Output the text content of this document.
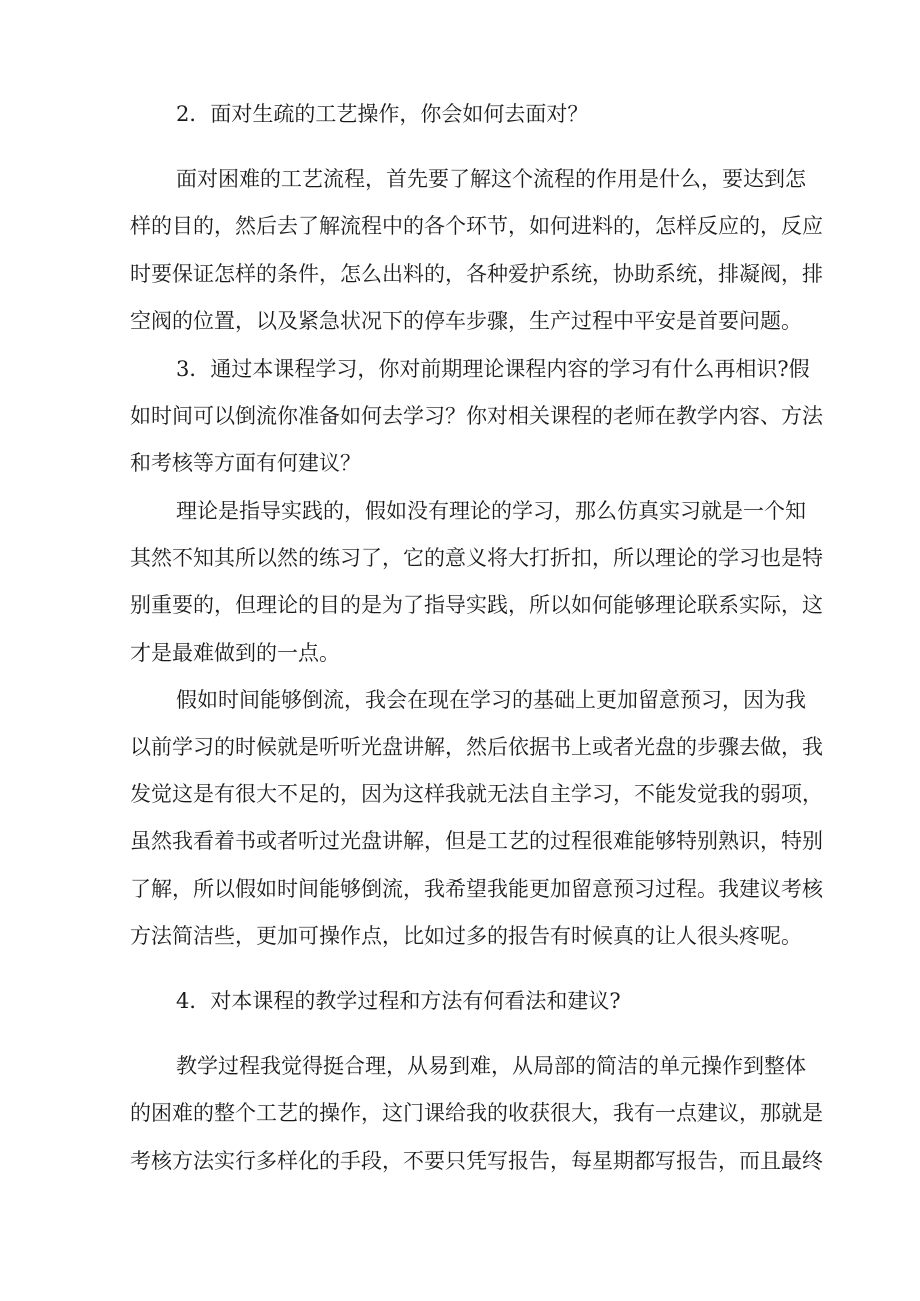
2．面对生疏的工艺操作，你会如何去面对？

面对困难的工艺流程，首先要了解这个流程的作用是什么，要达到怎

样的目的，然后去了解流程中的各个环节，如何进料的，怎样反应的，反应

时要保证怎样的条件，怎么出料的，各种爱护系统，协助系统，排凝阀，排

空阀的位置，以及紧急状况下的停车步骤，生产过程中平安是首要问题。

3．通过本课程学习，你对前期理论课程内容的学习有什么再相识?假

如时间可以倒流你准备如何去学习？你对相关课程的老师在教学内容、方法

和考核等方面有何建议？

理论是指导实践的，假如没有理论的学习，那么仿真实习就是一个知

其然不知其所以然的练习了，它的意义将大打折扣，所以理论的学习也是特

别重要的，但理论的目的是为了指导实践，所以如何能够理论联系实际，这

才是最难做到的一点。

假如时间能够倒流，我会在现在学习的基础上更加留意预习，因为我

以前学习的时候就是听听光盘讲解，然后依据书上或者光盘的步骤去做，我

发觉这是有很大不足的，因为这样我就无法自主学习，不能发觉我的弱项，

虽然我看着书或者听过光盘讲解，但是工艺的过程很难能够特别熟识，特别

了解，所以假如时间能够倒流，我希望我能更加留意预习过程。我建议考核

方法简洁些，更加可操作点，比如过多的报告有时候真的让人很头疼呢。

4．对本课程的教学过程和方法有何看法和建议?

教学过程我觉得挺合理，从易到难，从局部的简洁的单元操作到整体

的困难的整个工艺的操作，这门课给我的收获很大，我有一点建议，那就是

考核方法实行多样化的手段，不要只凭写报告，每星期都写报告，而且最终
